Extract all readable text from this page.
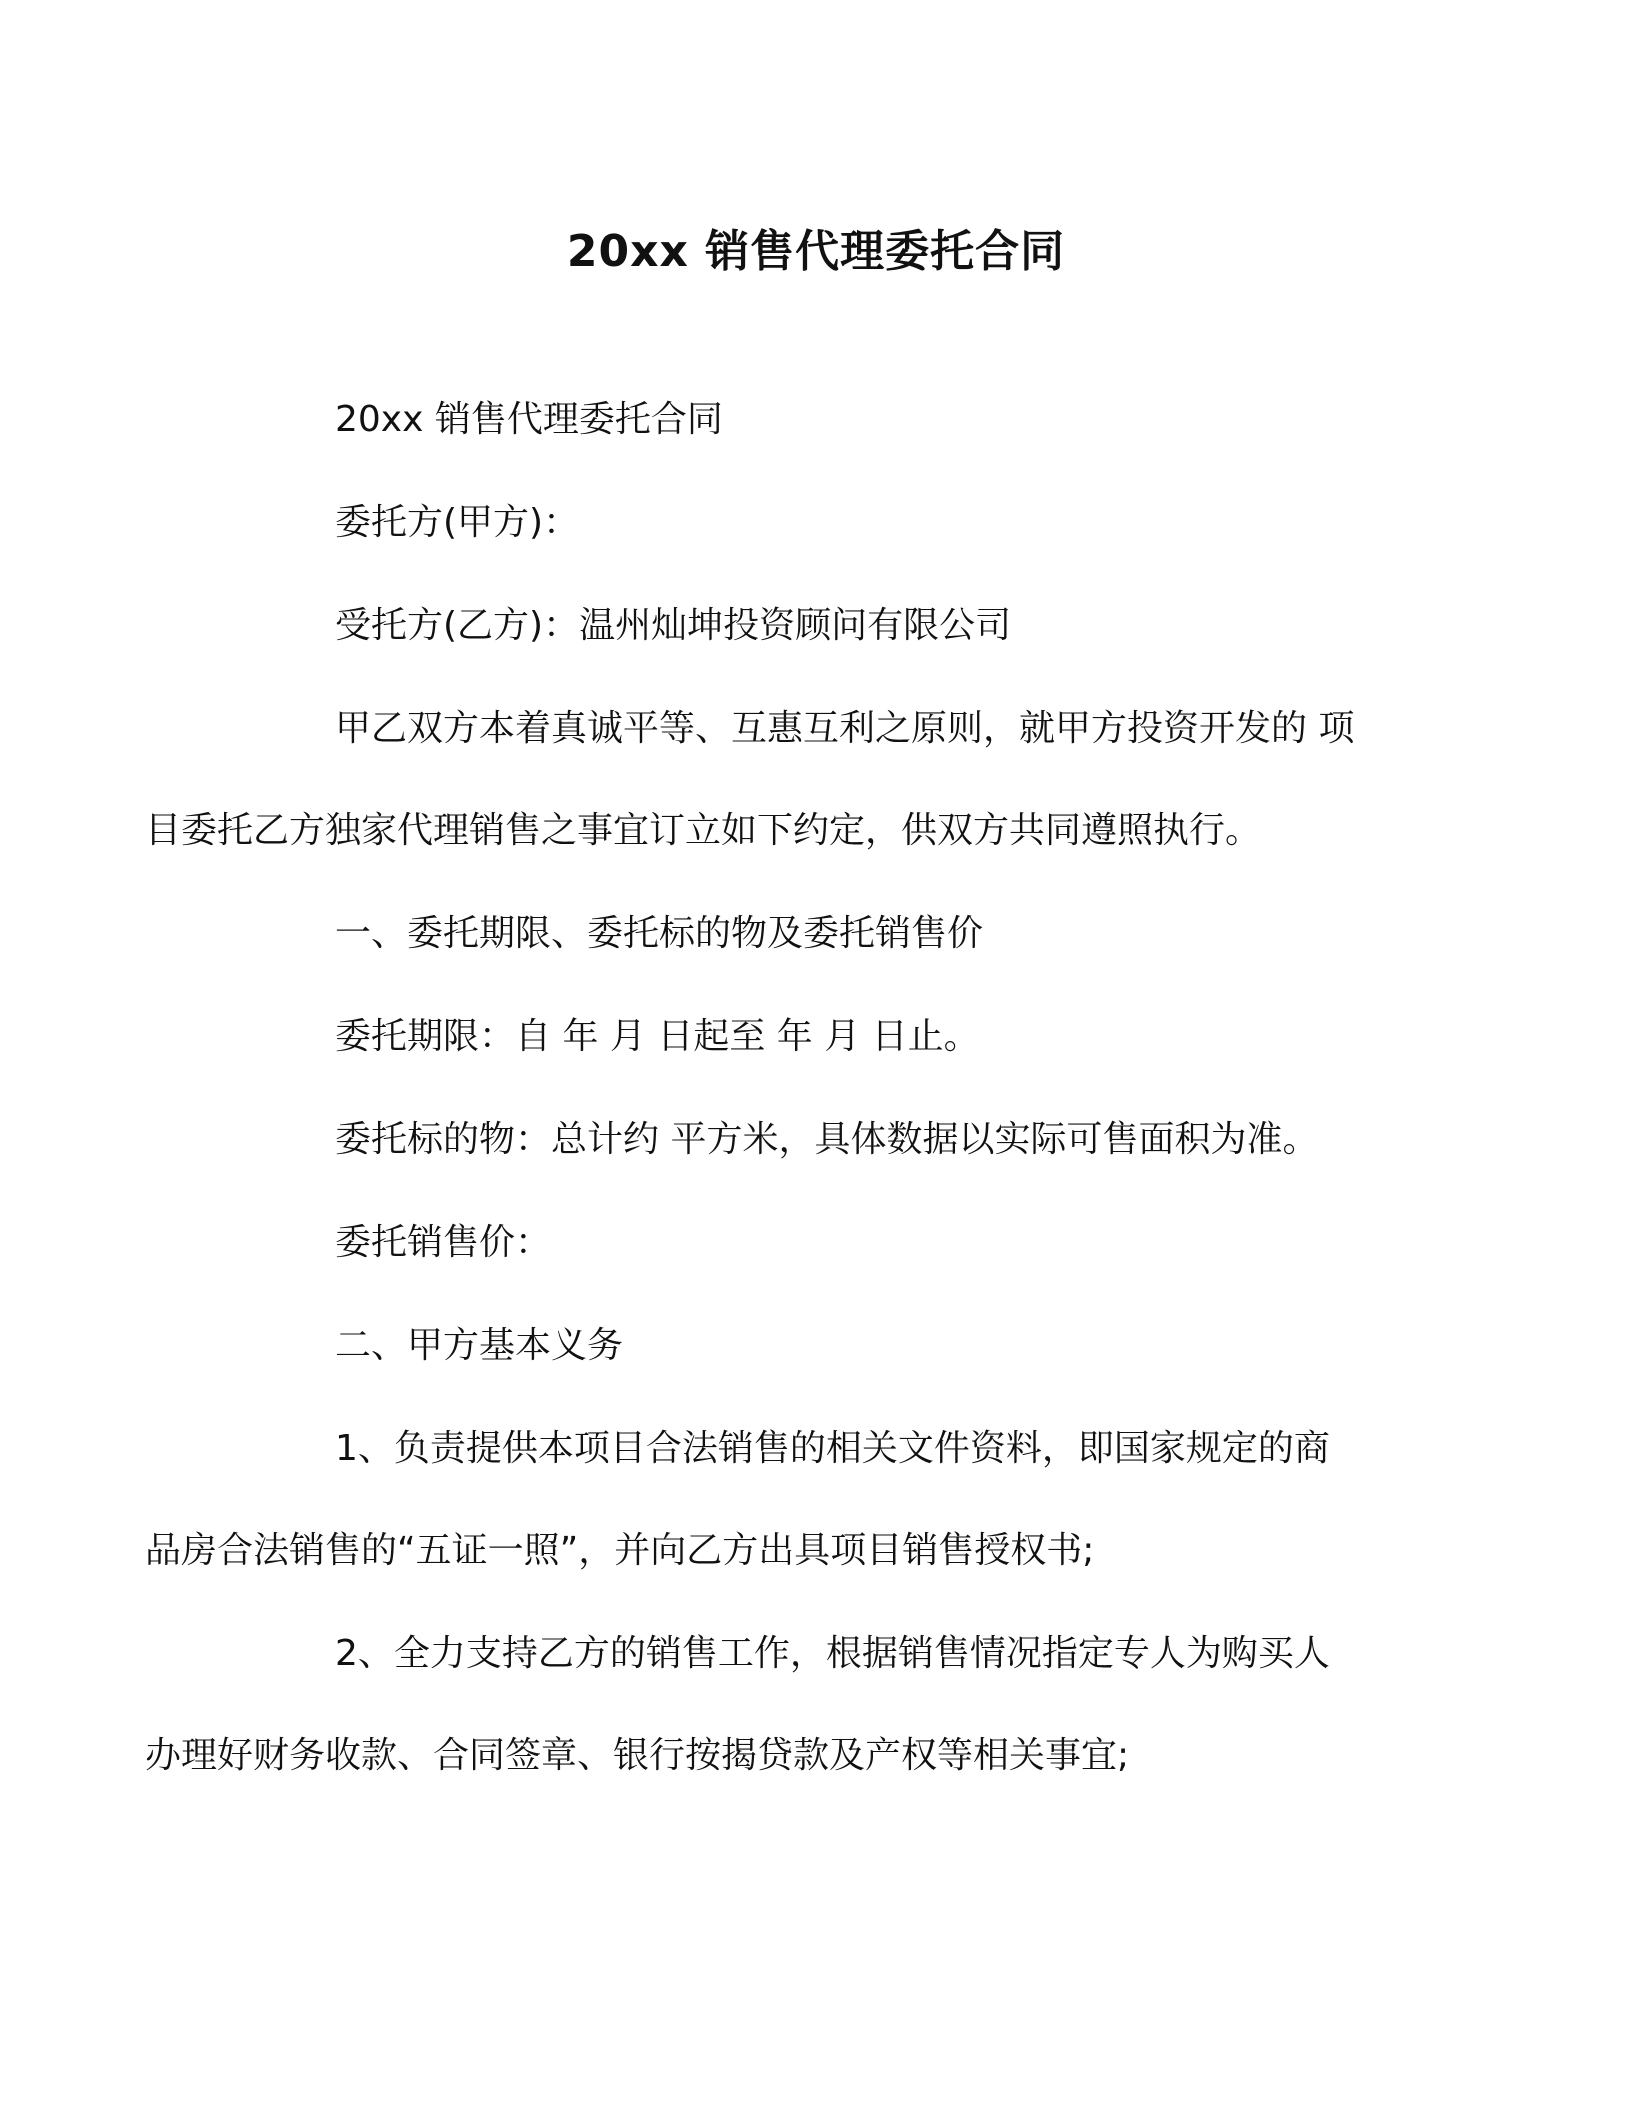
20xx 销售代理委托合同

20xx 销售代理委托合同

委托方(甲方)：

受托方(乙方)：温州灿坤投资顾问有限公司

甲乙双方本着真诚平等、互惠互利之原则，就甲方投资开发的 项
目委托乙方独家代理销售之事宜订立如下约定，供双方共同遵照执行。

一、委托期限、委托标的物及委托销售价

委托期限：自 年 月 日起至 年 月 日止。

委托标的物：总计约 平方米，具体数据以实际可售面积为准。

委托销售价：

二、甲方基本义务

1、负责提供本项目合法销售的相关文件资料，即国家规定的商
品房合法销售的“五证一照”，并向乙方出具项目销售授权书;

2、全力支持乙方的销售工作，根据销售情况指定专人为购买人
办理好财务收款、合同签章、银行按揭贷款及产权等相关事宜;
